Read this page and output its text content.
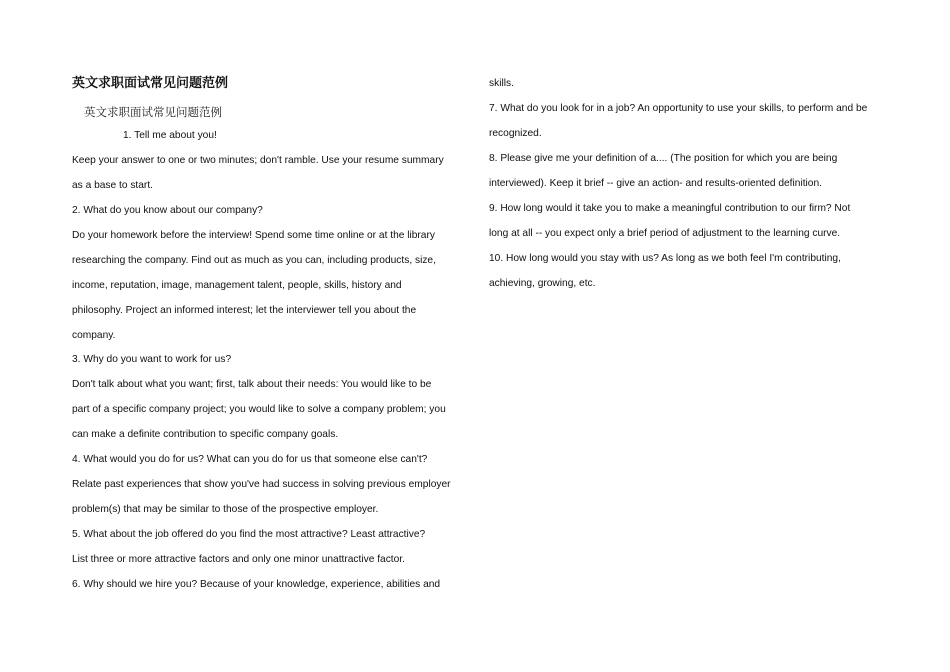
英文求职面试常见问题范例
英文求职面试常见问题范例
1. Tell me about you!
Keep your answer to one or two minutes; don't ramble. Use your resume summary
as a base to start.
2. What do you know about our company?
Do your homework before the interview! Spend some time online or at the library
researching the company. Find out as much as you can, including products, size,
income, reputation, image, management talent, people, skills, history and
philosophy. Project an informed interest; let the interviewer tell you about the
company.
3. Why do you want to work for us?
Don't talk about what you want; first, talk about their needs: You would like to be
part of a specific company project; you would like to solve a company problem; you
can make a definite contribution to specific company goals.
4. What would you do for us? What can you do for us that someone else can't?
Relate past experiences that show you've had success in solving previous employer
problem(s) that may be similar to those of the prospective employer.
5. What about the job offered do you find the most attractive? Least attractive?
List three or more attractive factors and only one minor unattractive factor.
6. Why should we hire you? Because of your knowledge, experience, abilities and
skills.
7. What do you look for in a job? An opportunity to use your skills, to perform and be
recognized.
8. Please give me your definition of a.... (The position for which you are being
interviewed). Keep it brief -- give an action- and results-oriented definition.
9. How long would it take you to make a meaningful contribution to our firm? Not
long at all -- you expect only a brief period of adjustment to the learning curve.
10. How long would you stay with us? As long as we both feel I'm contributing,
achieving, growing, etc.
